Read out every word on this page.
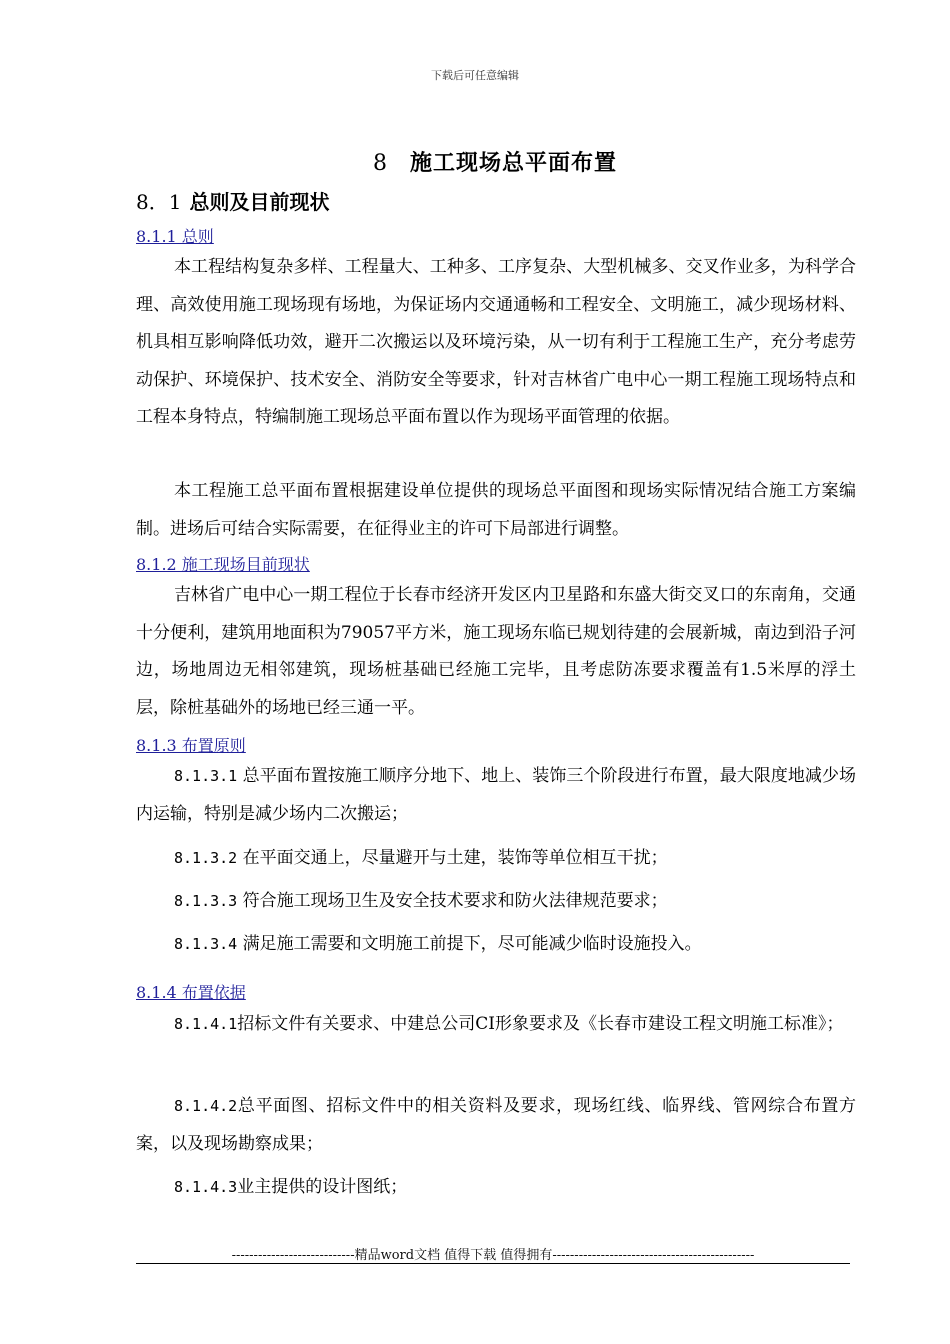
下载后可任意编辑
8 施工现场总平面布置
8．1 总则及目前现状
8.1.1 总则
本工程结构复杂多样、工程量大、工种多、工序复杂、大型机械多、交叉作业多，为科学合理、高效使用施工现场现有场地，为保证场内交通通畅和工程安全、文明施工，减少现场材料、机具相互影响降低功效，避开二次搬运以及环境污染，从一切有利于工程施工生产，充分考虑劳动保护、环境保护、技术安全、消防安全等要求，针对吉林省广电中心一期工程施工现场特点和工程本身特点，特编制施工现场总平面布置以作为现场平面管理的依据。
本工程施工总平面布置根据建设单位提供的现场总平面图和现场实际情况结合施工方案编制。进场后可结合实际需要，在征得业主的许可下局部进行调整。
8.1.2 施工现场目前现状
吉林省广电中心一期工程位于长春市经济开发区内卫星路和东盛大街交叉口的东南角，交通十分便利，建筑用地面积为79057平方米，施工现场东临已规划待建的会展新城，南边到沿子河边，场地周边无相邻建筑，现场桩基础已经施工完毕，且考虑防冻要求覆盖有1.5米厚的浮土层，除桩基础外的场地已经三通一平。
8.1.3 布置原则
8.1.3.1 总平面布置按施工顺序分地下、地上、装饰三个阶段进行布置，最大限度地减少场内运输，特别是减少场内二次搬运；
8.1.3.2 在平面交通上，尽量避开与土建，装饰等单位相互干扰；
8.1.3.3 符合施工现场卫生及安全技术要求和防火法律规范要求；
8.1.3.4 满足施工需要和文明施工前提下，尽可能减少临时设施投入。
8.1.4 布置依据
8.1.4.1招标文件有关要求、中建总公司CI形象要求及《长春市建设工程文明施工标准》；
8.1.4.2总平面图、招标文件中的相关资料及要求，现场红线、临界线、管网综合布置方案，以及现场勘察成果；
8.1.4.3业主提供的设计图纸；
----------------------------精品word文档 值得下载 值得拥有----------------------------------------------
